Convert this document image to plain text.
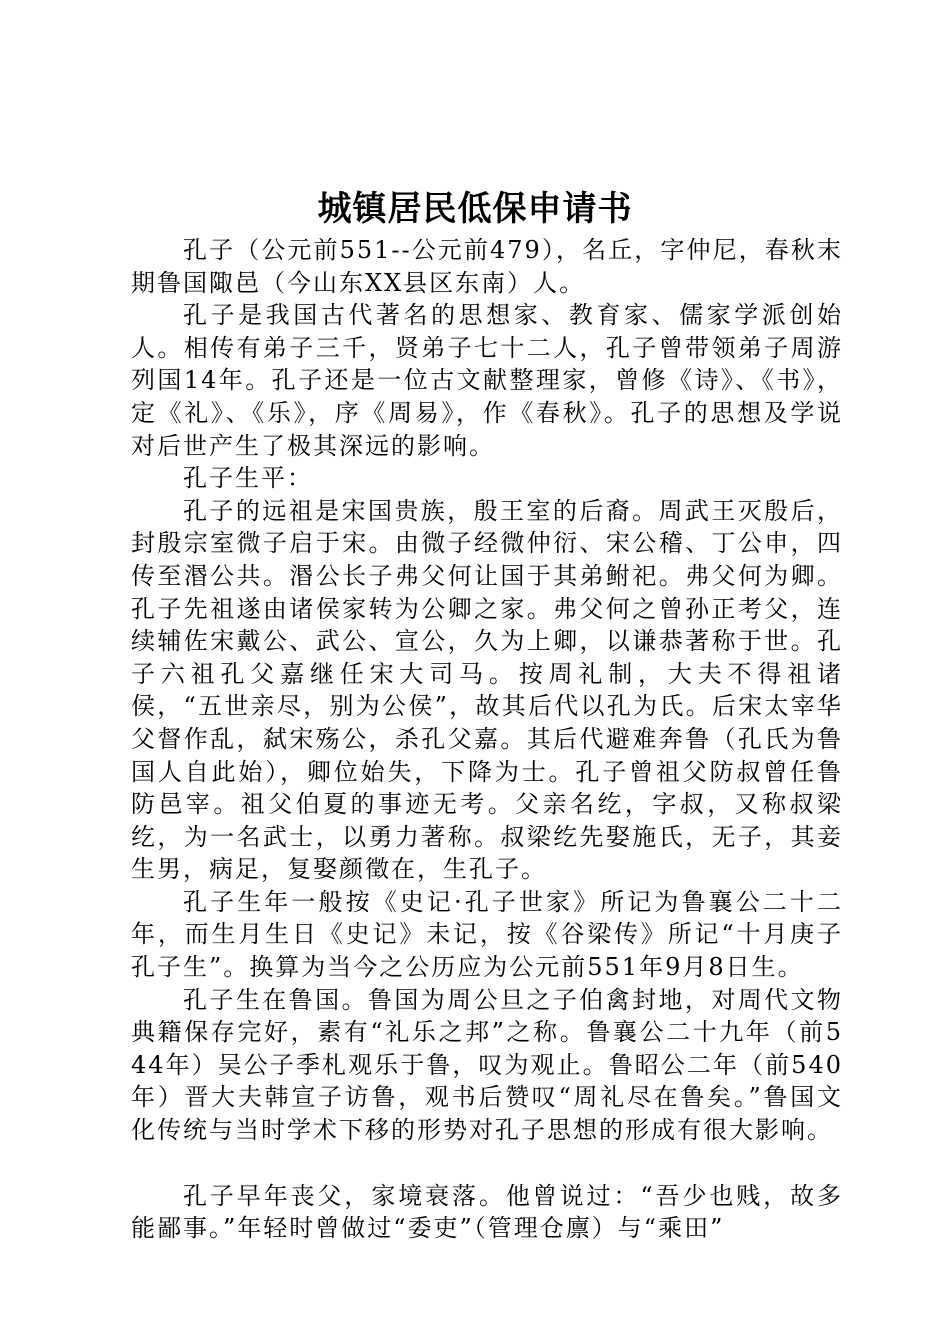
城镇居民低保申请书

孔子（公元前551--公元前479），名丘，字仲尼，春秋末期鲁国陬邑（今山东XX县区东南）人。

孔子是我国古代著名的思想家、教育家、儒家学派创始人。相传有弟子三千，贤弟子七十二人，孔子曾带领弟子周游列国14年。孔子还是一位古文献整理家，曾修《诗》、《书》，定《礼》、《乐》，序《周易》，作《春秋》。孔子的思想及学说对后世产生了极其深远的影响。

孔子生平：

孔子的远祖是宋国贵族，殷王室的后裔。周武王灭殷后，封殷宗室微子启于宋。由微子经微仲衍、宋公稽、丁公申，四传至湣公共。湣公长子弗父何让国于其弟鲋祀。弗父何为卿。孔子先祖遂由诸侯家转为公卿之家。弗父何之曾孙正考父，连续辅佐宋戴公、武公、宣公，久为上卿，以谦恭著称于世。孔子六祖孔父嘉继任宋大司马。按周礼制，大夫不得祖诸侯，“五世亲尽，别为公侯”，故其后代以孔为氏。后宋太宰华父督作乱，弑宋殇公，杀孔父嘉。其后代避难奔鲁（孔氏为鲁国人自此始），卿位始失，下降为士。孔子曾祖父防叔曾任鲁防邑宰。祖父伯夏的事迹无考。父亲名纥，字叔，又称叔梁纥，为一名武士，以勇力著称。叔梁纥先娶施氏，无子，其妾生男，病足，复娶颜徵在，生孔子。

孔子生年一般按《史记·孔子世家》所记为鲁襄公二十二年，而生月生日《史记》未记，按《谷梁传》所记“十月庚子孔子生”。换算为当今之公历应为公元前551年9月8日生。

孔子生在鲁国。鲁国为周公旦之子伯禽封地，对周代文物典籍保存完好，素有“礼乐之邦”之称。鲁襄公二十九年（前544年）吴公子季札观乐于鲁，叹为观止。鲁昭公二年（前540年）晋大夫韩宣子访鲁，观书后赞叹“周礼尽在鲁矣。”鲁国文化传统与当时学术下移的形势对孔子思想的形成有很大影响。

孔子早年丧父，家境衰落。他曾说过：“吾少也贱，故多能鄙事。”年轻时曾做过“委吏”（管理仓廪）与“乘田”
